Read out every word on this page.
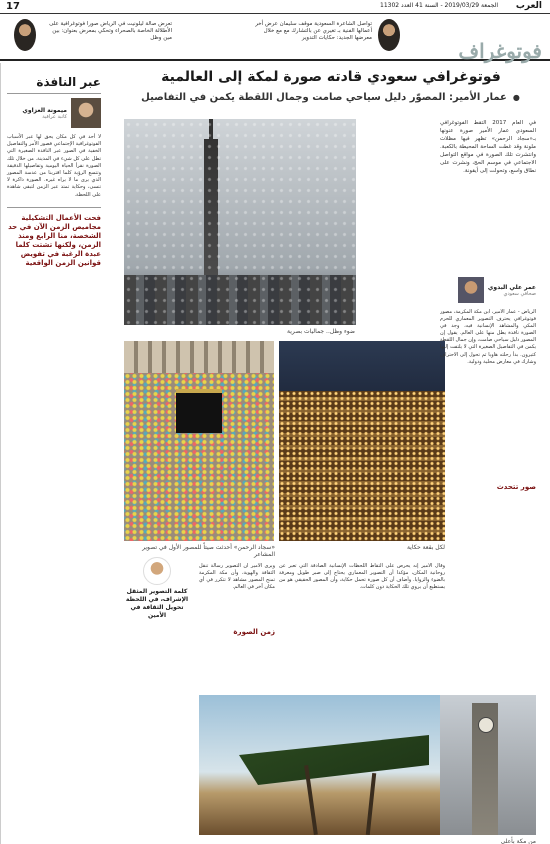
17	العرب
الجمعة 2019/03/29 - السنة 41 العدد 11302
فوتوغراف
تواصل الشاعرة السعودية موقف سليمان عرض أخر أعمالها الفنية بـ تغيري عن بالتشارك مع مع خلال معرضها الجديد: حكايات التدوير
تعرض صالة ليلونيت في الرياض صورا فوتوغرافية على الأطلالة الخاصة بالصحراء وتحكي بمعرض بعنوان: بين مين وظل
عبر النافذة
ميمونة العزاوي
كاتبة عراقية

لا أحد في كل مكان يحق لها عبر الأسباب الفوتوغرافية الإجتماعي فصور الأمر والتفاصيل الخفية في الصور عبر النافذة الصغيرة التي تطل على كل شيء في المدينة. من خلال تلك الصورة نقرأ الحياة اليومية وتفاصيلها الدقيقة وتتسع الرؤية كلما اقتربنا من عدسة المصور الذي يرى ما لا يراه غيره. الصورة ذاكرة لا تنسى، وحكاية تمتد عبر الزمن لتبقى شاهدة على اللحظة.

فحت الأعمال التشكيلية مجاميص الزمن الآن في حد الشخصة، منا الرابع ومنذ الزمن، ولكنها تشتت كلما عبدة الرغبة في تفويض قوانين الزمن الواقعية

فوتوغرافي سعودي قادته صورة لمكة إلى العالمية
● عمار الأمير: المصوّر دليل سياحي صامت وجمال اللقطة يكمن في التفاصيل
ضوء وظل.. جماليات بصرية
«سجاد الرحمن» أحدثت صيتاً للمصور الأول في تصوير المشاعر
لكل بقعة حكاية
كلمة التصوير المثقل الإشراف، في اللحظة تحويل الثقافة في الأمين
في العام 2017 التقط الفوتوغرافي السعودي عمار الأمير صورة عنونها بـ«سجاد الرحمن» تظهر فيها مظلات ملونة وقد غطت الساحة المحيطة بالكعبة. وانتشرت تلك الصورة في مواقع التواصل الاجتماعي في موسم الحج، ونشرت على نطاق واسع، وتحولت إلى أيقونة.
عمر علي البدوي
صحافي سعودي
الرياض - عمار الأمير، ابن مكة المكرمة، مصور فوتوغرافي يحترف التصوير المعماري للحرم المكي والمشاهد الإنسانية فيه، وجد في الصورة نافذة يطل منها على العالم. يقول إن المصور دليل سياحي صامت، وإن جمال اللقطة يكمن في التفاصيل الصغيرة التي لا يلتفت إليها كثيرون. بدأ رحلته هاويا ثم تحول إلى الاحتراف وشارك في معارض محلية ودولية.
صور تتحدث
وقال الأمير إنه يحرص على التقاط اللحظات الإنسانية الصادقة التي تعبر عن روحانية المكان، مؤكدا أن التصوير المعماري يحتاج إلى صبر طويل ومعرفة بالضوء والزوايا. وأضاف أن كل صورة تحمل حكاية، وأن المصور الحقيقي هو من يستطيع أن يروي تلك الحكاية دون كلمات.
ويرى الأمير أن التصوير رسالة تنقل الثقافة والهوية، وأن مكة المكرمة تمنح المصور مشاهد لا تتكرر في أي مكان آخر في العالم.
زمن الصورة
من مكة بأعلى
